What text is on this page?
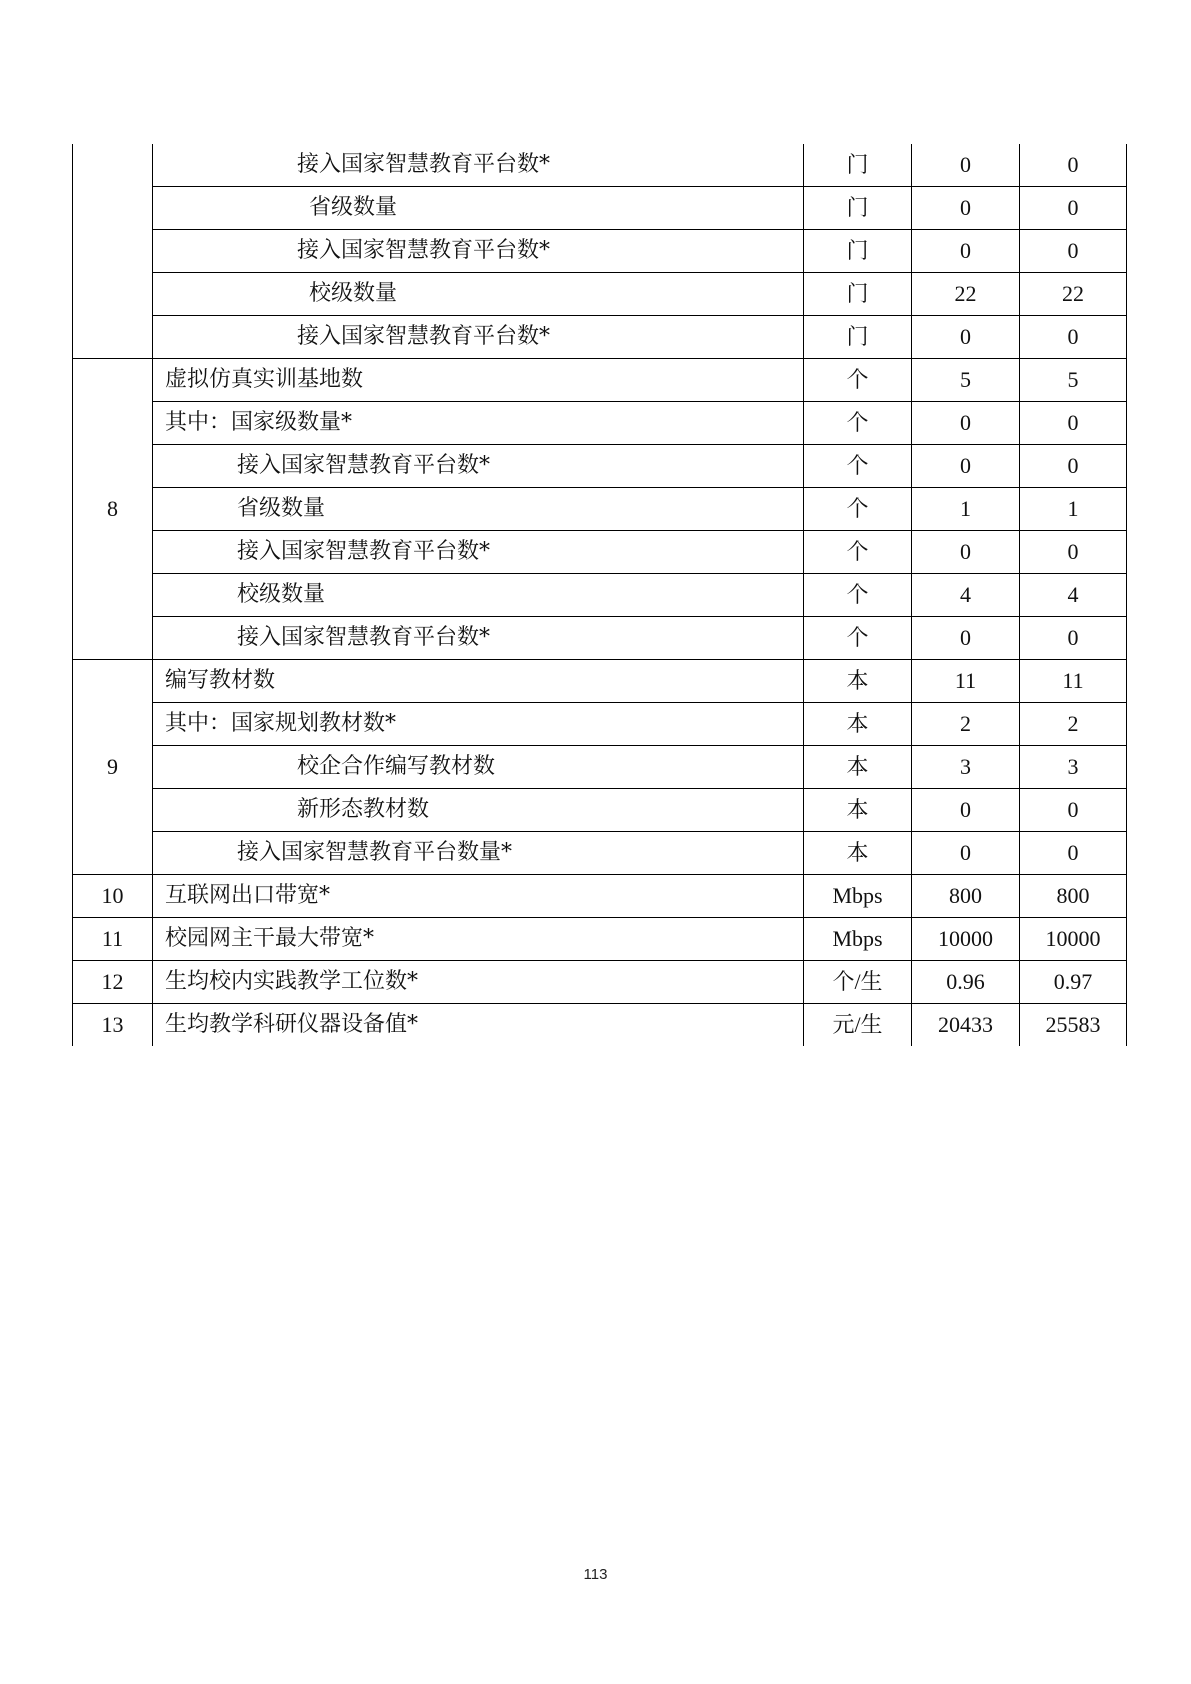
	接入国家智慧教育平台数*	门	0	0
	省级数量	门	0	0
	接入国家智慧教育平台数*	门	0	0
	校级数量	门	22	22
	接入国家智慧教育平台数*	门	0	0
8	虚拟仿真实训基地数	个	5	5
	其中：国家级数量*	个	0	0
	接入国家智慧教育平台数*	个	0	0
	省级数量	个	1	1
	接入国家智慧教育平台数*	个	0	0
	校级数量	个	4	4
	接入国家智慧教育平台数*	个	0	0
9	编写教材数	本	11	11
	其中：国家规划教材数*	本	2	2
	校企合作编写教材数	本	3	3
	新形态教材数	本	0	0
	接入国家智慧教育平台数量*	本	0	0
10	互联网出口带宽*	Mbps	800	800
11	校园网主干最大带宽*	Mbps	10000	10000
12	生均校内实践教学工位数*	个/生	0.96	0.97
13	生均教学科研仪器设备值*	元/生	20433	25583
113
